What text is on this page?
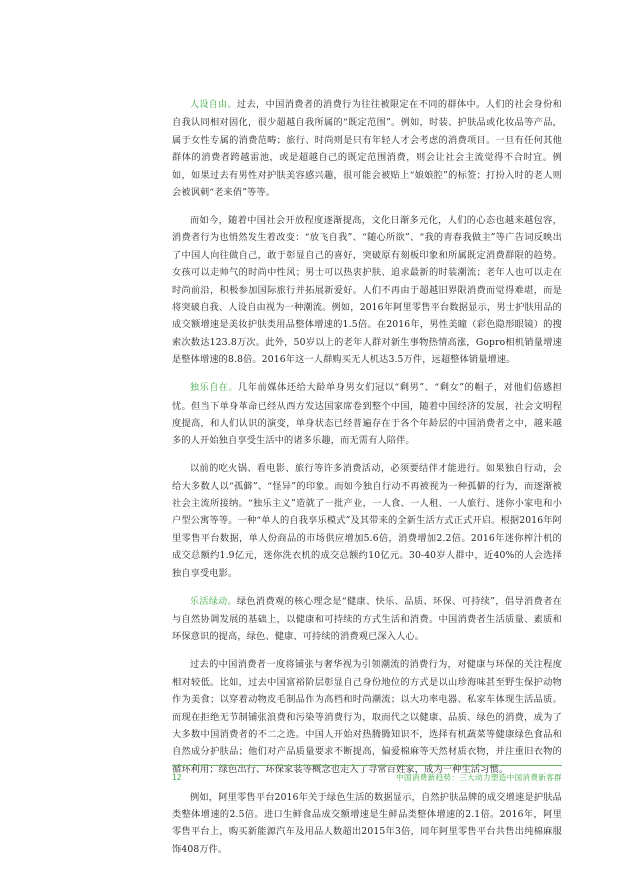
人设自由。过去，中国消费者的消费行为往往被限定在不同的群体中。人们的社会身份和自我认同相对固化，很少超越自我所属的“既定范围”。例如，时装、护肤品或化妆品等产品，属于女性专属的消费范畴；旅行、时尚则是只有年轻人才会考虑的消费项目。一旦有任何其他群体的消费者跨越雷池，或是超越自己的既定范围消费，则会让社会主流觉得不合时宜。例如，如果过去有男性对护肤美容感兴趣，很可能会被贴上“娘娘腔”的标签；打扮入时的老人则会被讽刺“老来俏”等等。

而如今，随着中国社会开放程度逐渐提高，文化日渐多元化，人们的心态也越来越包容，消费者行为也悄然发生着改变：“放飞自我”、“随心所欲”、“我的青春我做主”等广告词反映出了中国人向往做自己，敢于彰显自己的喜好，突破原有刻板印象和所属既定消费群限的趋势。女孩可以走帅气的时尚中性风；男士可以热衷护肤、追求最新的时装潮流；老年人也可以走在时尚前沿，积极参加国际旅行并拓展新爱好。人们不再由于超越旧界限消费而觉得难堪，而是将突破自我、人设自由视为一种潮流。例如，2016年阿里零售平台数据显示，男士护肤用品的成交额增速是美妆护肤类用品整体增速的1.5倍。在2016年，男性美瞳（彩色隐形眼镜）的搜索次数达123.8万次。此外，50岁以上的老年人群对新生事物热情高涨，Gopro相机销量增速是整体增速的8.8倍。2016年这一人群购买无人机达3.5万件，远超整体销量增速。

独乐自在。几年前媒体还给大龄单身男女们冠以“剩男”、“剩女”的帽子，对他们倍感担忧。但当下单身革命已经从西方发达国家席卷到整个中国，随着中国经济的发展，社会文明程度提高，和人们认识的演变，单身状态已经普遍存在于各个年龄层的中国消费者之中，越来越多的人开始独自享受生活中的诸多乐趣，而无需有人陪伴。

以前的吃火锅、看电影、旅行等许多消费活动，必须要结伴才能进行。如果独自行动，会给大多数人以“孤僻”、“怪异”的印象。而如今独自行动不再被视为一种孤僻的行为，而逐渐被社会主流所接纳。“独乐主义”造就了一批产业，一人食、一人租、一人旅行、迷你小家电和小户型公寓等等。一种“单人的自我享乐模式”及其带来的全新生活方式正式开启。根据2016年阿里零售平台数据，单人份商品的市场供应增加5.6倍，消费增加2.2倍。2016年迷你榨汁机的成交总额约1.9亿元，迷你洗衣机的成交总额约10亿元。30-40岁人群中，近40%的人会选择独自享受电影。

乐活绿动。绿色消费观的核心理念是“健康、快乐、品质、环保、可持续”，倡导消费者在与自然协调发展的基础上，以健康和可持续的方式生活和消费。中国消费者生活质量、素质和环保意识的提高，绿色、健康、可持续的消费观已深入人心。

过去的中国消费者一度将铺张与奢华视为引领潮流的消费行为，对健康与环保的关注程度相对较低。比如，过去中国富裕阶层彰显自己身份地位的方式是以山珍海味甚至野生保护动物作为美食；以穿着动物皮毛制品作为高档和时尚潮流；以大功率电器、私家车体现生活品质。而现在拒绝无节制铺张浪费和污染等消费行为，取而代之以健康、品质、绿色的消费，成为了大多数中国消费者的不二之选。中国人开始对热腾腾知识不，选择有机蔬菜等健康绿色食品和自然成分护肤品；他们对产品质量要求不断提高，偏爱棉麻等天然材质衣物，并注重旧衣物的循环利用；绿色出行、环保家装等概念也走入了寻常百姓家，成为一种生活习惯。

例如，阿里零售平台2016年关于绿色生活的数据显示，自然护肤品牌的成交增速是护肤品类整体增速的2.5倍。进口生鲜食品成交额增速是生鲜品类整体增速的2.1倍。2016年，阿里零售平台上，购买新能源汽车及用品人数超出2015年3倍，同年阿里零售平台共售出纯棉麻服饰408万件。

12	中国消费新趋势：三大动力塑造中国消费新客群
